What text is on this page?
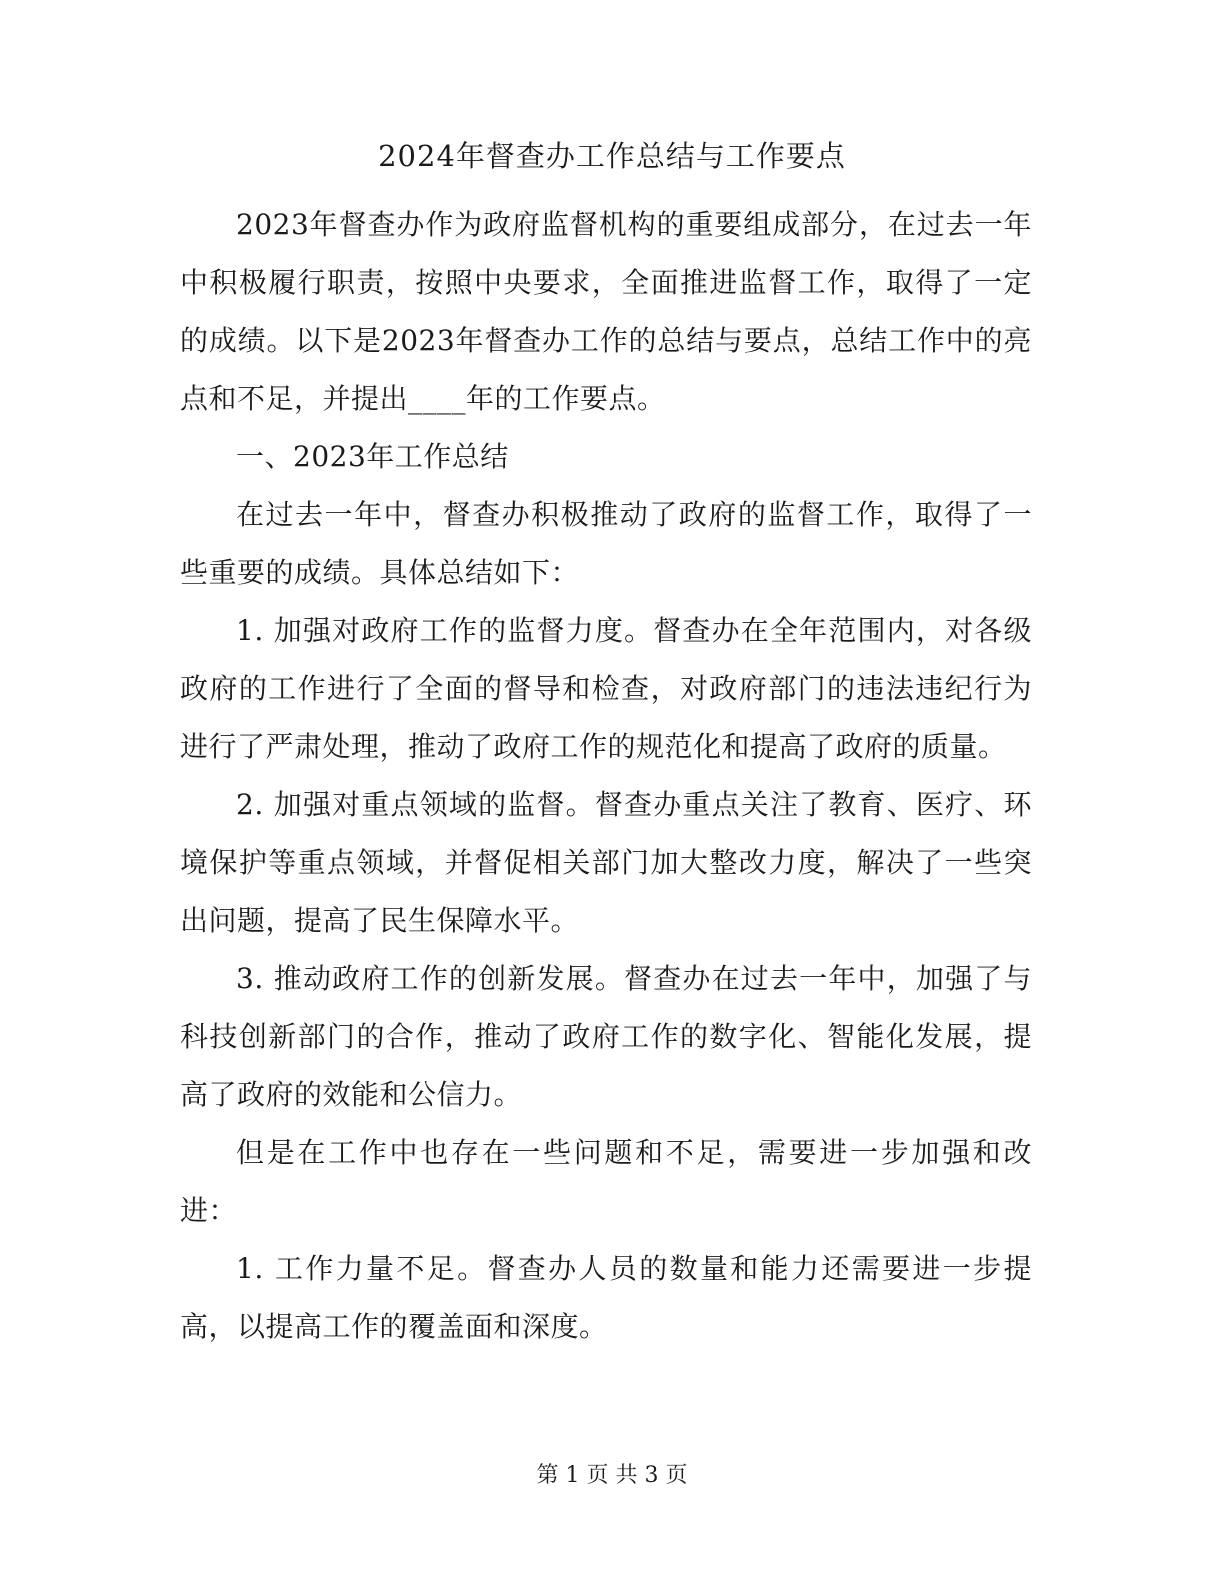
2024年督查办工作总结与工作要点

2023年督查办作为政府监督机构的重要组成部分，在过去一年中积极履行职责，按照中央要求，全面推进监督工作，取得了一定的成绩。以下是2023年督查办工作的总结与要点，总结工作中的亮点和不足，并提出____年的工作要点。

一、2023年工作总结

在过去一年中，督查办积极推动了政府的监督工作，取得了一些重要的成绩。具体总结如下：

1. 加强对政府工作的监督力度。督查办在全年范围内，对各级政府的工作进行了全面的督导和检查，对政府部门的违法违纪行为进行了严肃处理，推动了政府工作的规范化和提高了政府的质量。

2. 加强对重点领域的监督。督查办重点关注了教育、医疗、环境保护等重点领域，并督促相关部门加大整改力度，解决了一些突出问题，提高了民生保障水平。

3. 推动政府工作的创新发展。督查办在过去一年中，加强了与科技创新部门的合作，推动了政府工作的数字化、智能化发展，提高了政府的效能和公信力。

但是在工作中也存在一些问题和不足，需要进一步加强和改进：

1. 工作力量不足。督查办人员的数量和能力还需要进一步提高，以提高工作的覆盖面和深度。

第 1 页 共 3 页
